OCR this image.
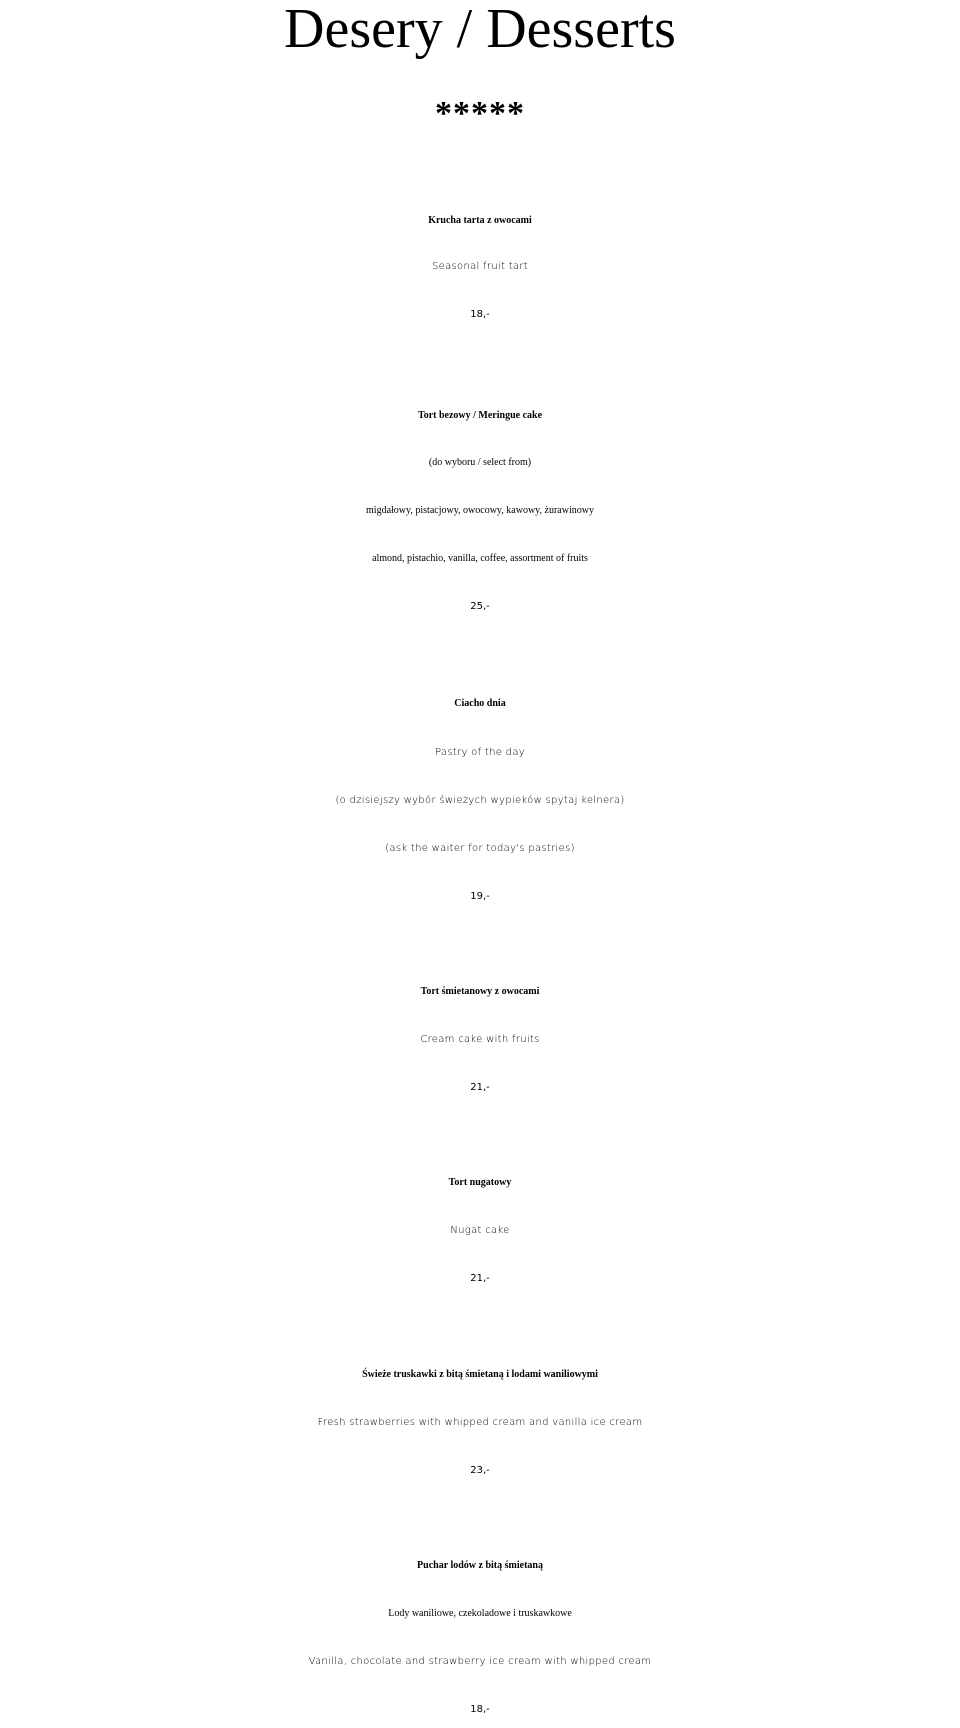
Desery / Desserts
*****
Krucha tarta z owocami
Seasonal fruit tart
18,-
Tort bezowy / Meringue cake
(do wyboru / select from)
migdałowy, pistacjowy, owocowy, kawowy, żurawinowy
almond, pistachio, vanilla, coffee, assortment of fruits
25,-
Ciacho dnia
Pastry of the day
(o dzisiejszy wybór świeżych wypieków spytaj kelnera)
(ask the waiter for today's pastries)
19,-
Tort śmietanowy z owocami
Cream cake with fruits
21,-
Tort nugatowy
Nugat cake
21,-
Świeże truskawki z bitą śmietaną i lodami waniliowymi
Fresh strawberries with whipped cream and vanilla ice cream
23,-
Puchar lodów z bitą śmietaną
Lody waniliowe, czekoladowe i truskawkowe
Vanilla, chocolate and strawberry ice cream with whipped cream
18,-
